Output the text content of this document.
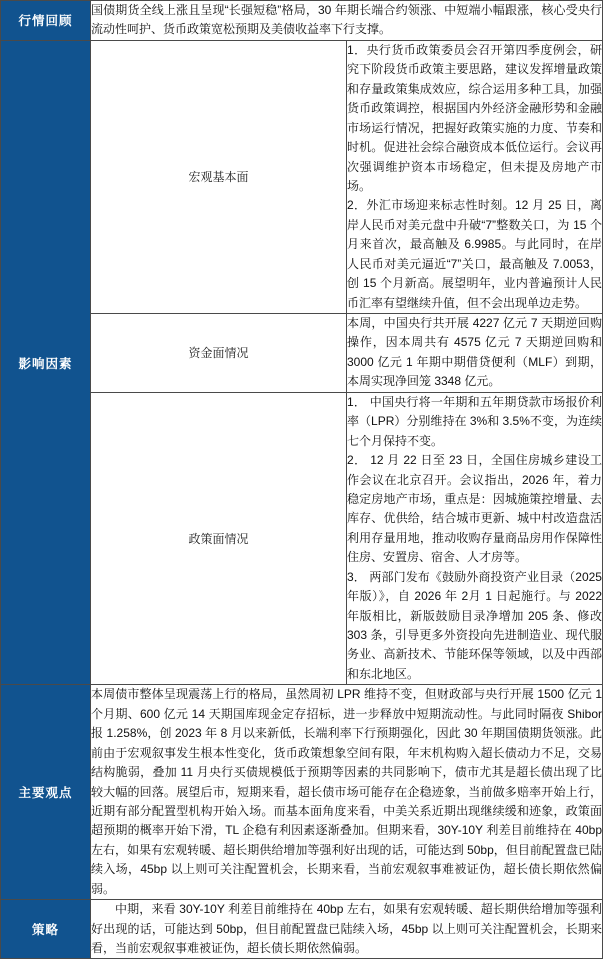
行情回顾	国债期货全线上涨且呈现“长强短稳”格局，30 年期长端合约领涨、中短端小幅跟涨，核心受央行流动性呵护、货币政策宽松预期及美债收益率下行支撑。	

影响因素	宏观基本面	1．央行货币政策委员会召开第四季度例会，研究下阶段货币政策主要思路，建议发挥增量政策和存量政策集成效应，综合运用多种工具，加强货币政策调控，根据国内外经济金融形势和金融市场运行情况，把握好政策实施的力度、节奏和时机。促进社会综合融资成本低位运行。会议再次强调维护资本市场稳定，但未提及房地产市场。

2．外汇市场迎来标志性时刻。12 月 25 日，离岸人民币对美元盘中升破“7”整数关口，为 15 个月来首次，最高触及 6.9985。与此同时，在岸人民币对美元逼近“7”关口，最高触及 7.0053，创 15 个月新高。展望明年，业内普遍预计人民币汇率有望继续升值，但不会出现单边走势。

	资金面情况	本周，中国央行共开展 4227 亿元 7 天期逆回购操作，因本周共有 4575 亿元 7 天期逆回购和 3000 亿元 1 年期中期借贷便利（MLF）到期，本周实现净回笼 3348 亿元。

	政策面情况	1． 中国央行将一年期和五年期贷款市场报价利率（LPR）分别维持在 3%和 3.5%不变，为连续七个月保持不变。

2． 12 月 22 日至 23 日，全国住房城乡建设工作会议在北京召开。会议指出，2026 年，着力稳定房地产市场，重点是：因城施策控增量、去库存、优供给，结合城市更新、城中村改造盘活利用存量用地，推动收购存量商品房用作保障性住房、安置房、宿舍、人才房等。

3． 两部门发布《鼓励外商投资产业目录（2025 年版）》，自 2026 年 2月 1 日起施行。与 2022 年版相比，新版鼓励目录净增加 205 条、修改 303 条，引导更多外资投向先进制造业、现代服务业、高新技术、节能环保等领域，以及中西部和东北地区。

主要观点	本周债市整体呈现震荡上行的格局，虽然周初 LPR 维持不变，但财政部与央行开展 1500 亿元 1 个月期、600 亿元 14 天期国库现金定存招标，进一步释放中短期流动性。与此同时隔夜 Shibor 报 1.258%，创 2023 年 8 月以来新低，长端利率下行预期强化，因此 30 年期国债期货领涨。此前由于宏观叙事发生根本性变化，货币政策想象空间有限，年末机构购入超长债动力不足，交易结构脆弱，叠加 11 月央行买债规模低于预期等因素的共同影响下，债市尤其是超长债出现了比较大幅的回落。展望后市，短期来看，超长债市场可能存在企稳迹象，当前做多赔率开始上行，近期有部分配置型机构开始入场。而基本面角度来看，中美关系近期出现继续缓和迹象，政策面超预期的概率开始下滑，TL 企稳有利因素逐渐叠加。但期来看，30Y-10Y 利差目前维持在 40bp 左右，如果有宏观转暖、超长期供给增加等强利好出现的话，可能达到 50bp，但目前配置盘已陆续入场，45bp 以上则可关注配置机会，长期来看，当前宏观叙事难被证伪，超长债长期依然偏弱。	

策略	中期，来看 30Y-10Y 利差目前维持在 40bp 左右，如果有宏观转暖、超长期供给增加等强利好出现的话，可能达到 50bp，但目前配置盘已陆续入场，45bp 以上则可关注配置机会，长期来看，当前宏观叙事难被证伪，超长债长期依然偏弱。	
